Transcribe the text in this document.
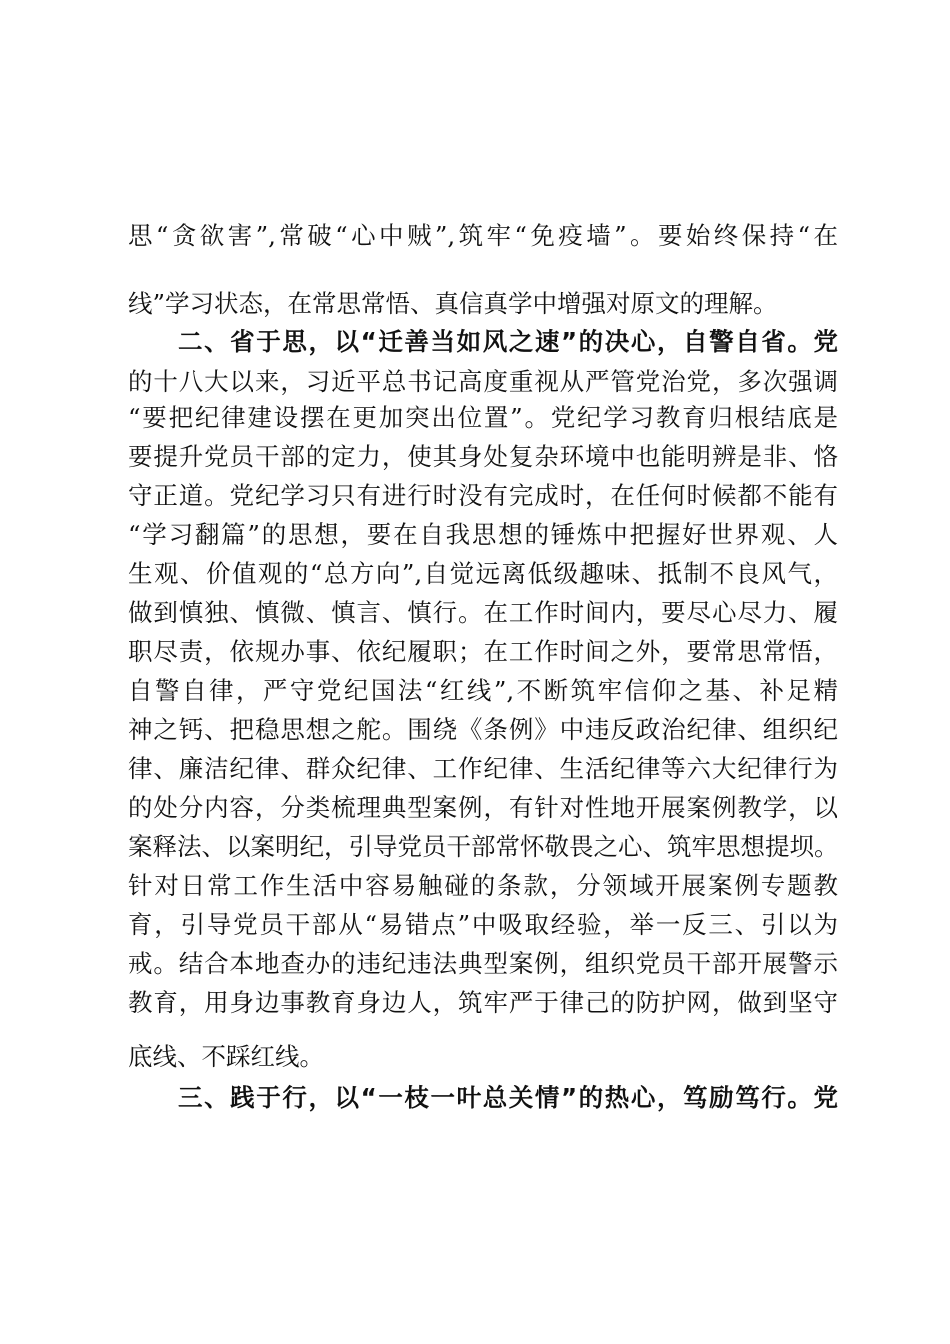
思“贪欲害”,常破“心中贼”,筑牢“免疫墙”。要始终保持“在
线”学习状态，在常思常悟、真信真学中增强对原文的理解。
二、省于思，以“迁善当如风之速”的决心，自警自省。党
的十八大以来，习近平总书记高度重视从严管党治党，多次强调
“要把纪律建设摆在更加突出位置”。党纪学习教育归根结底是
要提升党员干部的定力，使其身处复杂环境中也能明辨是非、恪
守正道。党纪学习只有进行时没有完成时，在任何时候都不能有
“学习翻篇”的思想，要在自我思想的锤炼中把握好世界观、人
生观、价值观的“总方向”,自觉远离低级趣味、抵制不良风气，
做到慎独、慎微、慎言、慎行。在工作时间内，要尽心尽力、履
职尽责，依规办事、依纪履职；在工作时间之外，要常思常悟，
自警自律，严守党纪国法“红线”,不断筑牢信仰之基、补足精
神之钙、把稳思想之舵。围绕《条例》中违反政治纪律、组织纪
律、廉洁纪律、群众纪律、工作纪律、生活纪律等六大纪律行为
的处分内容，分类梳理典型案例，有针对性地开展案例教学，以
案释法、以案明纪，引导党员干部常怀敬畏之心、筑牢思想提坝。
针对日常工作生活中容易触碰的条款，分领域开展案例专题教
育，引导党员干部从“易错点”中吸取经验，举一反三、引以为
戒。结合本地查办的违纪违法典型案例，组织党员干部开展警示
教育，用身边事教育身边人，筑牢严于律己的防护网，做到坚守
底线、不踩红线。
三、践于行，以“一枝一叶总关情”的热心，笃励笃行。党
